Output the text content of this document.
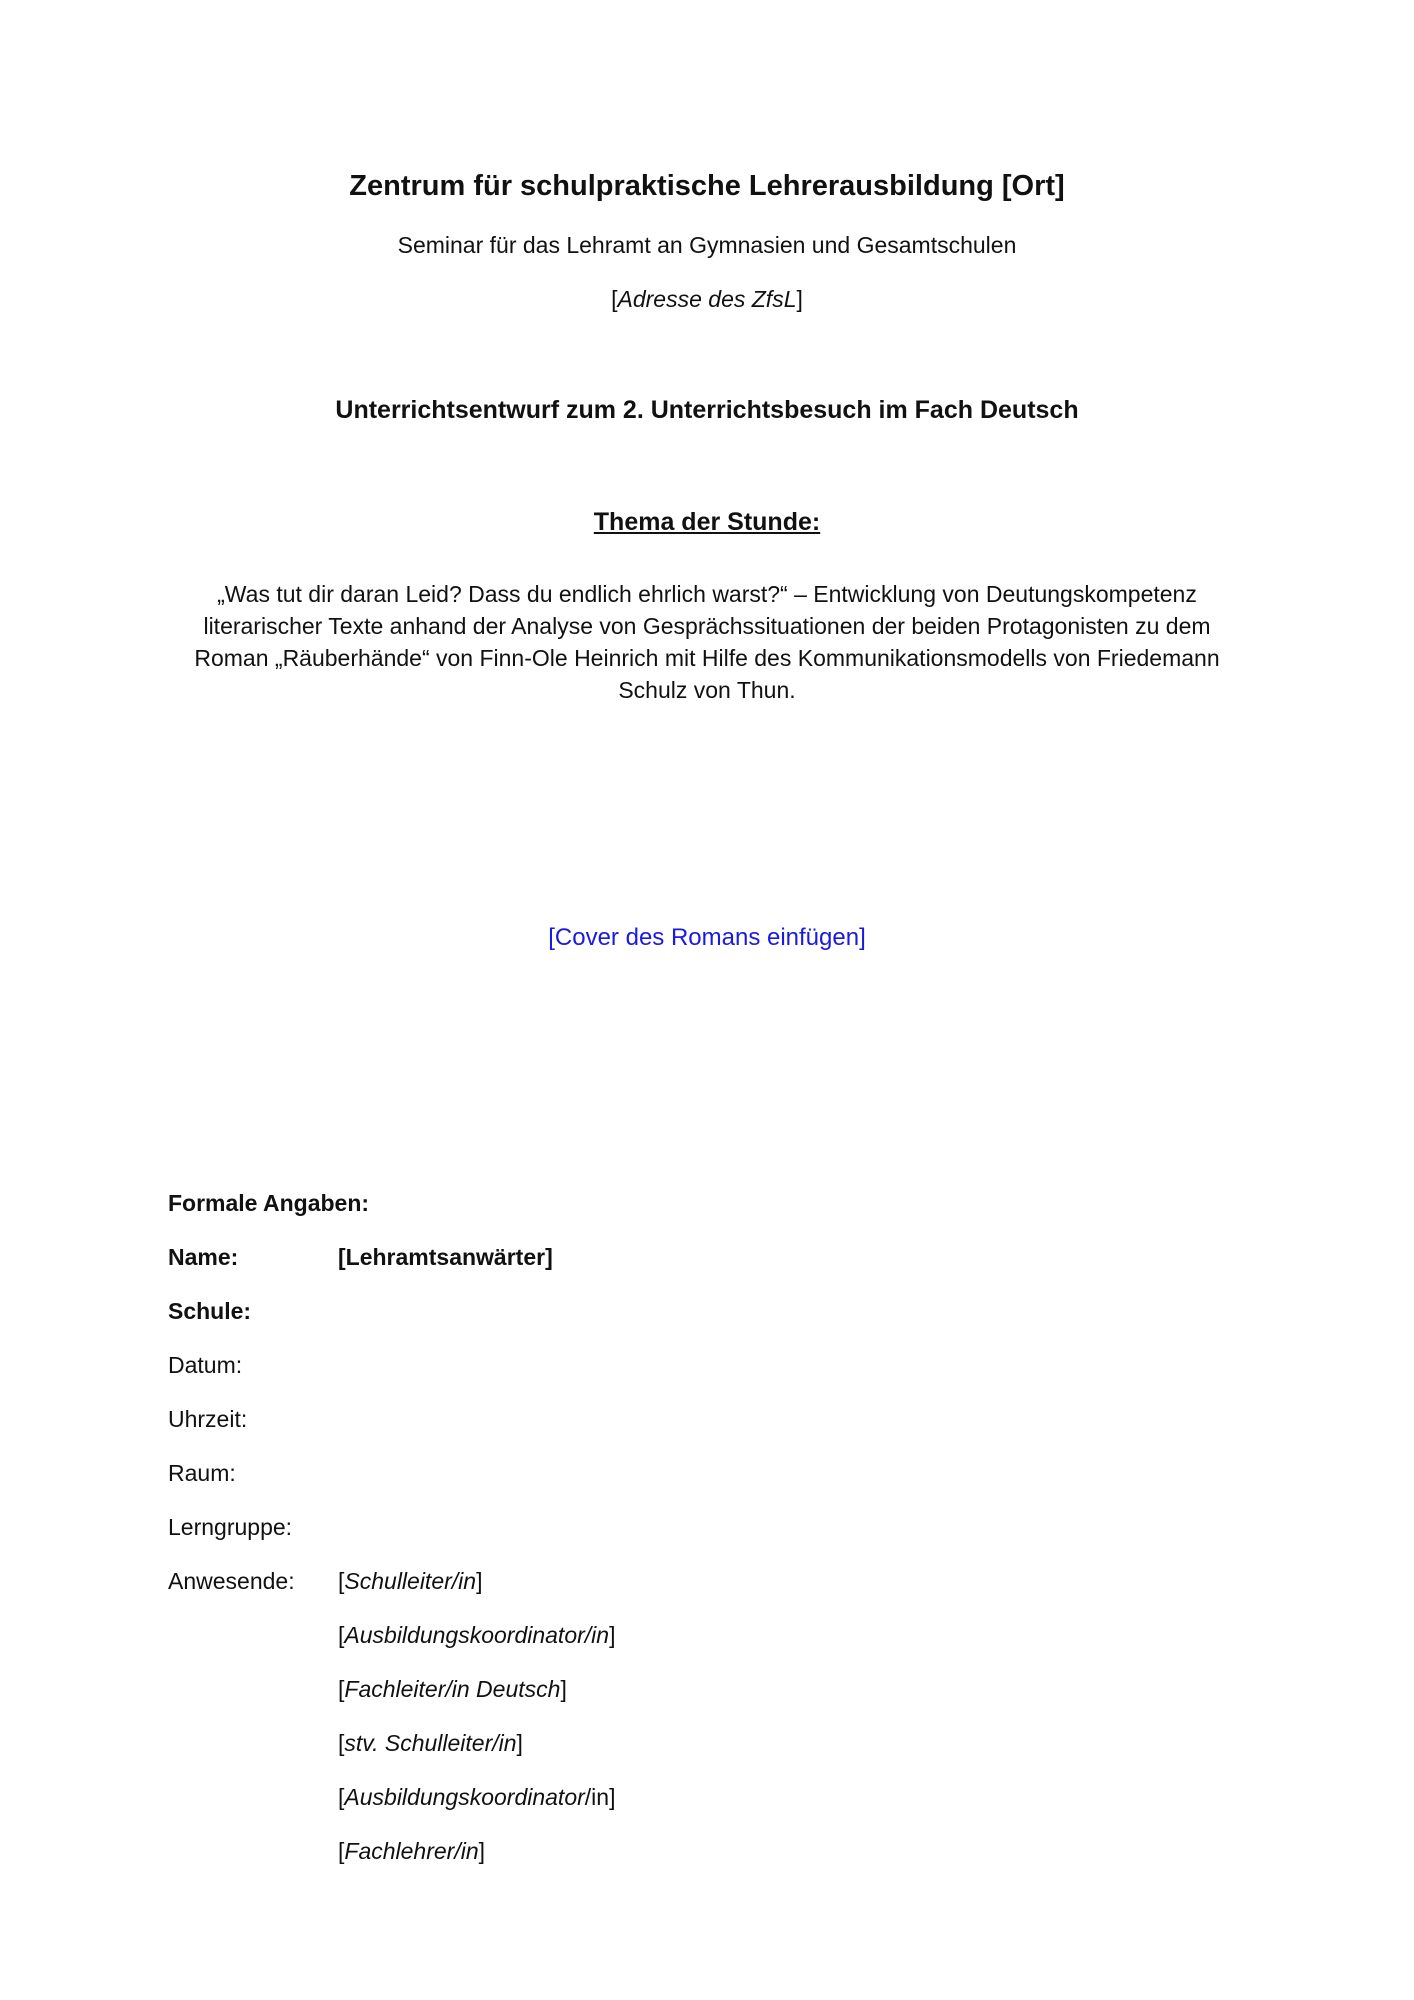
Zentrum für schulpraktische Lehrerausbildung [Ort]
Seminar für das Lehramt an Gymnasien und Gesamtschulen
[Adresse des ZfsL]
Unterrichtsentwurf zum 2. Unterrichtsbesuch im Fach Deutsch
Thema der Stunde:
„Was tut dir daran Leid? Dass du endlich ehrlich warst?“ – Entwicklung von Deutungskompetenz literarischer Texte anhand der Analyse von Gesprächssituationen der beiden Protagonisten zu dem Roman „Räuberhände“ von Finn-Ole Heinrich mit Hilfe des Kommunikationsmodells von Friedemann Schulz von Thun.
[Cover des Romans einfügen]
Formale Angaben:
Name:	[Lehramtsanwärter]
Schule:
Datum:
Uhrzeit:
Raum:
Lerngruppe:
Anwesende:	[Schulleiter/in]
[Ausbildungskoordinator/in]
[Fachleiter/in Deutsch]
[stv. Schulleiter/in]
[Ausbildungskoordinator/in]
[Fachlehrer/in]
